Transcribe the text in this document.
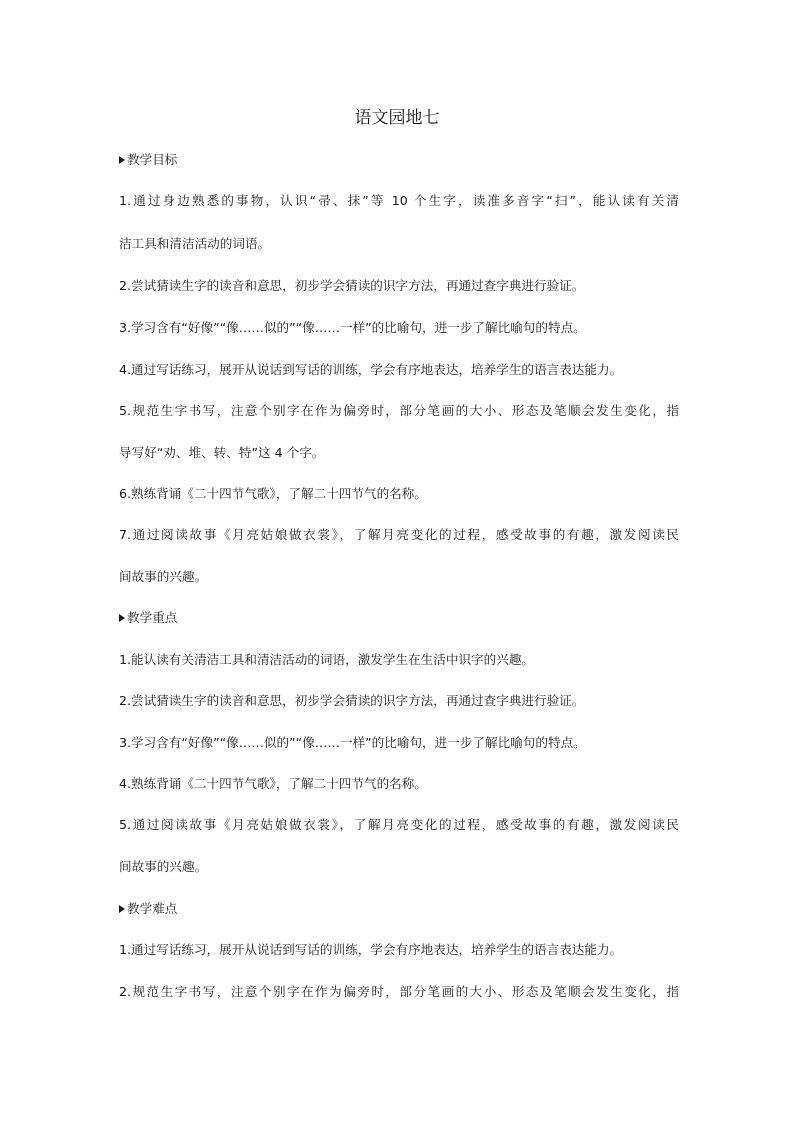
语文园地七
教学目标
1.通过身边熟悉的事物，认识“帚、抹”等 10 个生字，读准多音字“扫”，能认读有关清
洁工具和清洁活动的词语。
2.尝试猜读生字的读音和意思，初步学会猜读的识字方法，再通过查字典进行验证。
3.学习含有“好像”“像……似的”“像……一样”的比喻句，进一步了解比喻句的特点。
4.通过写话练习，展开从说话到写话的训练，学会有序地表达，培养学生的语言表达能力。
5.规范生字书写，注意个别字在作为偏旁时，部分笔画的大小、形态及笔顺会发生变化，指
导写好“劝、堆、转、特”这 4 个字。
6.熟练背诵《二十四节气歌》，了解二十四节气的名称。
7.通过阅读故事《月亮姑娘做衣裳》，了解月亮变化的过程，感受故事的有趣，激发阅读民
间故事的兴趣。
教学重点
1.能认读有关清洁工具和清洁活动的词语，激发学生在生活中识字的兴趣。
2.尝试猜读生字的读音和意思，初步学会猜读的识字方法，再通过查字典进行验证。
3.学习含有“好像”“像……似的”“像……一样”的比喻句，进一步了解比喻句的特点。
4.熟练背诵《二十四节气歌》，了解二十四节气的名称。
5.通过阅读故事《月亮姑娘做衣裳》，了解月亮变化的过程，感受故事的有趣，激发阅读民
间故事的兴趣。
教学难点
1.通过写话练习，展开从说话到写话的训练，学会有序地表达，培养学生的语言表达能力。
2.规范生字书写，注意个别字在作为偏旁时，部分笔画的大小、形态及笔顺会发生变化，指
